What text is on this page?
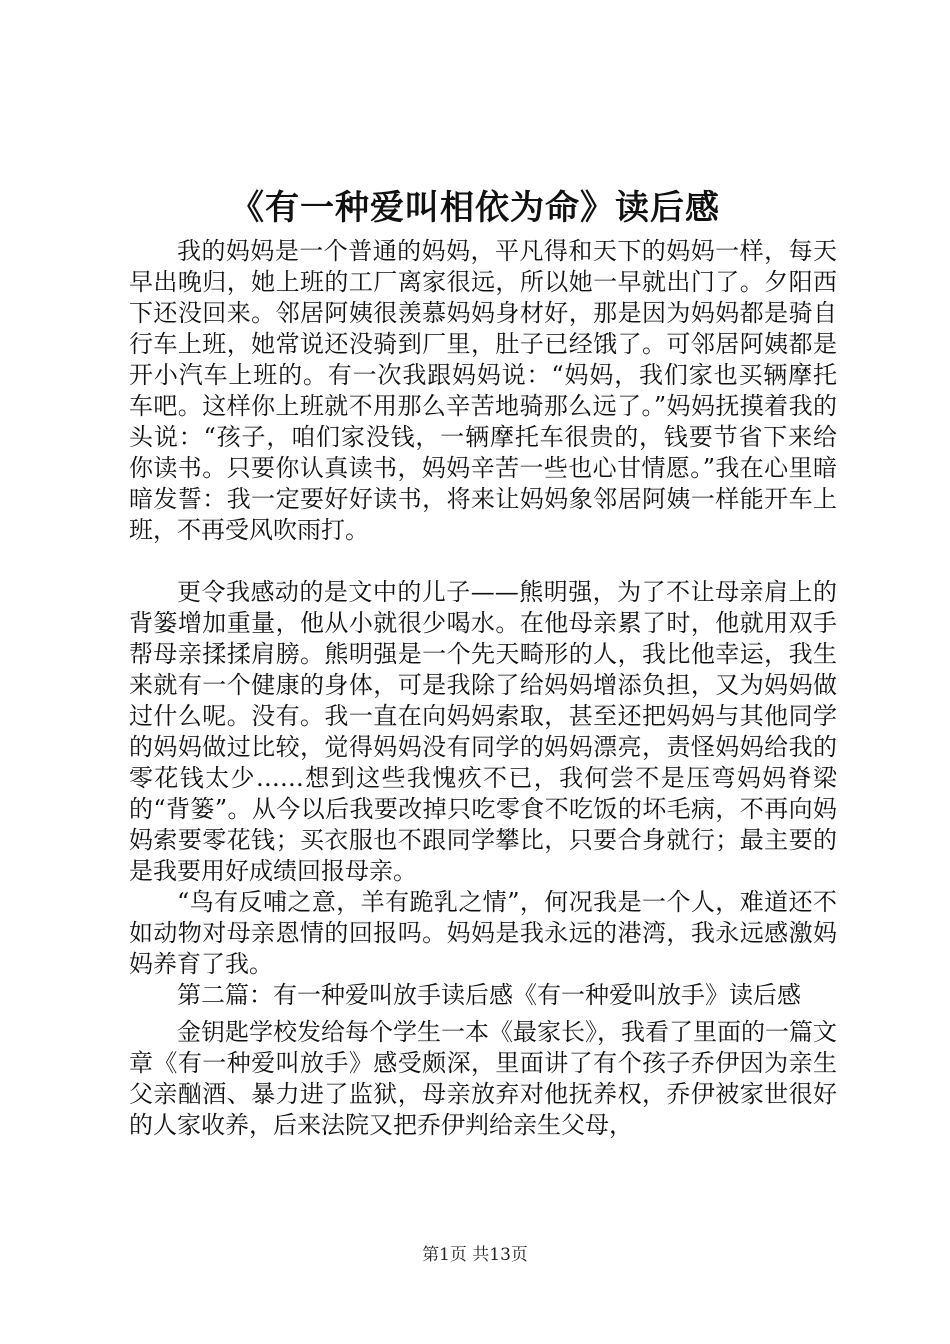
《有一种爱叫相依为命》读后感

我的妈妈是一个普通的妈妈，平凡得和天下的妈妈一样，每天早出晚归，她上班的工厂离家很远，所以她一早就出门了。夕阳西下还没回来。邻居阿姨很羡慕妈妈身材好，那是因为妈妈都是骑自行车上班，她常说还没骑到厂里，肚子已经饿了。可邻居阿姨都是开小汽车上班的。有一次我跟妈妈说：“妈妈，我们家也买辆摩托车吧。这样你上班就不用那么辛苦地骑那么远了。”妈妈抚摸着我的头说：“孩子，咱们家没钱，一辆摩托车很贵的，钱要节省下来给你读书。只要你认真读书，妈妈辛苦一些也心甘情愿。”我在心里暗暗发誓：我一定要好好读书，将来让妈妈象邻居阿姨一样能开车上班，不再受风吹雨打。

更令我感动的是文中的儿子——熊明强，为了不让母亲肩上的背篓增加重量，他从小就很少喝水。在他母亲累了时，他就用双手帮母亲揉揉肩膀。熊明强是一个先天畸形的人，我比他幸运，我生来就有一个健康的身体，可是我除了给妈妈增添负担，又为妈妈做过什么呢。没有。我一直在向妈妈索取，甚至还把妈妈与其他同学的妈妈做过比较，觉得妈妈没有同学的妈妈漂亮，责怪妈妈给我的零花钱太少……想到这些我愧疚不已，我何尝不是压弯妈妈脊梁的“背篓”。从今以后我要改掉只吃零食不吃饭的坏毛病，不再向妈妈索要零花钱；买衣服也不跟同学攀比，只要合身就行；最主要的是我要用好成绩回报母亲。

“鸟有反哺之意，羊有跪乳之情”，何况我是一个人，难道还不如动物对母亲恩情的回报吗。妈妈是我永远的港湾，我永远感激妈妈养育了我。

第二篇：有一种爱叫放手读后感《有一种爱叫放手》读后感

金钥匙学校发给每个学生一本《最家长》，我看了里面的一篇文章《有一种爱叫放手》感受颇深，里面讲了有个孩子乔伊因为亲生父亲酗酒、暴力进了监狱，母亲放弃对他抚养权，乔伊被家世很好的人家收养，后来法院又把乔伊判给亲生父母，

第1页 共13页
